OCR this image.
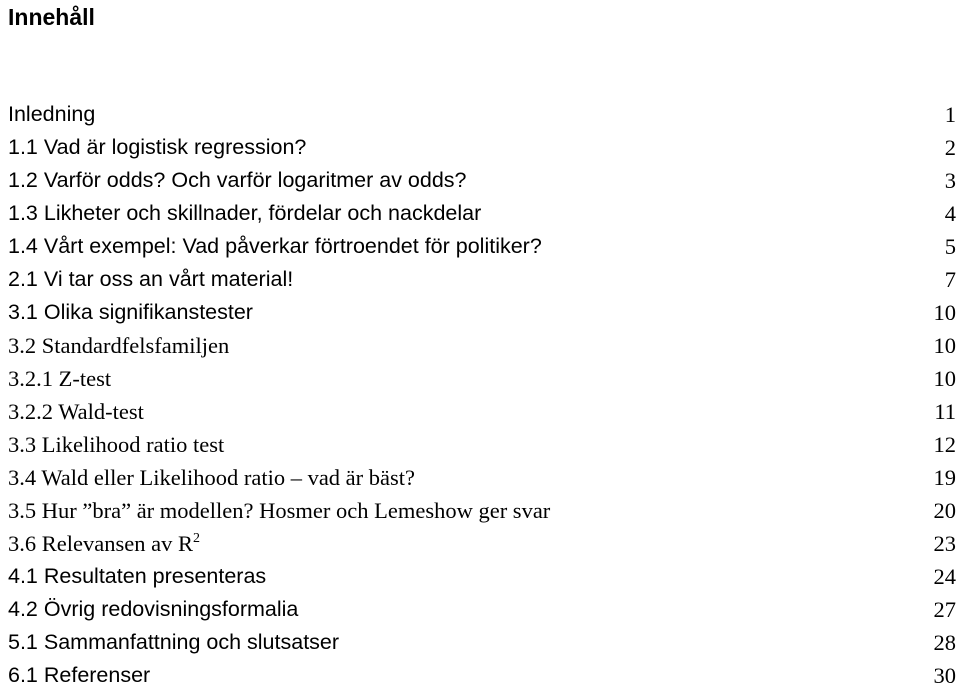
Innehåll
Inledning	1
1.1 Vad är logistisk regression?	2
1.2 Varför odds? Och varför logaritmer av odds?	3
1.3 Likheter och skillnader, fördelar och nackdelar	4
1.4 Vårt exempel: Vad påverkar förtroendet för politiker?	5
2.1 Vi tar oss an vårt material!	7
3.1 Olika signifikanstester	10
3.2 Standardfelsfamiljen	10
3.2.1 Z-test	10
3.2.2 Wald-test	11
3.3 Likelihood ratio test	12
3.4 Wald eller Likelihood ratio – vad är bäst?	19
3.5 Hur ”bra” är modellen? Hosmer och Lemeshow ger svar	20
3.6 Relevansen av $R^2$	23
4.1 Resultaten presenteras	24
4.2 Övrig redovisningsformalia	27
5.1 Sammanfattning och slutsatser	28
6.1 Referenser	30
